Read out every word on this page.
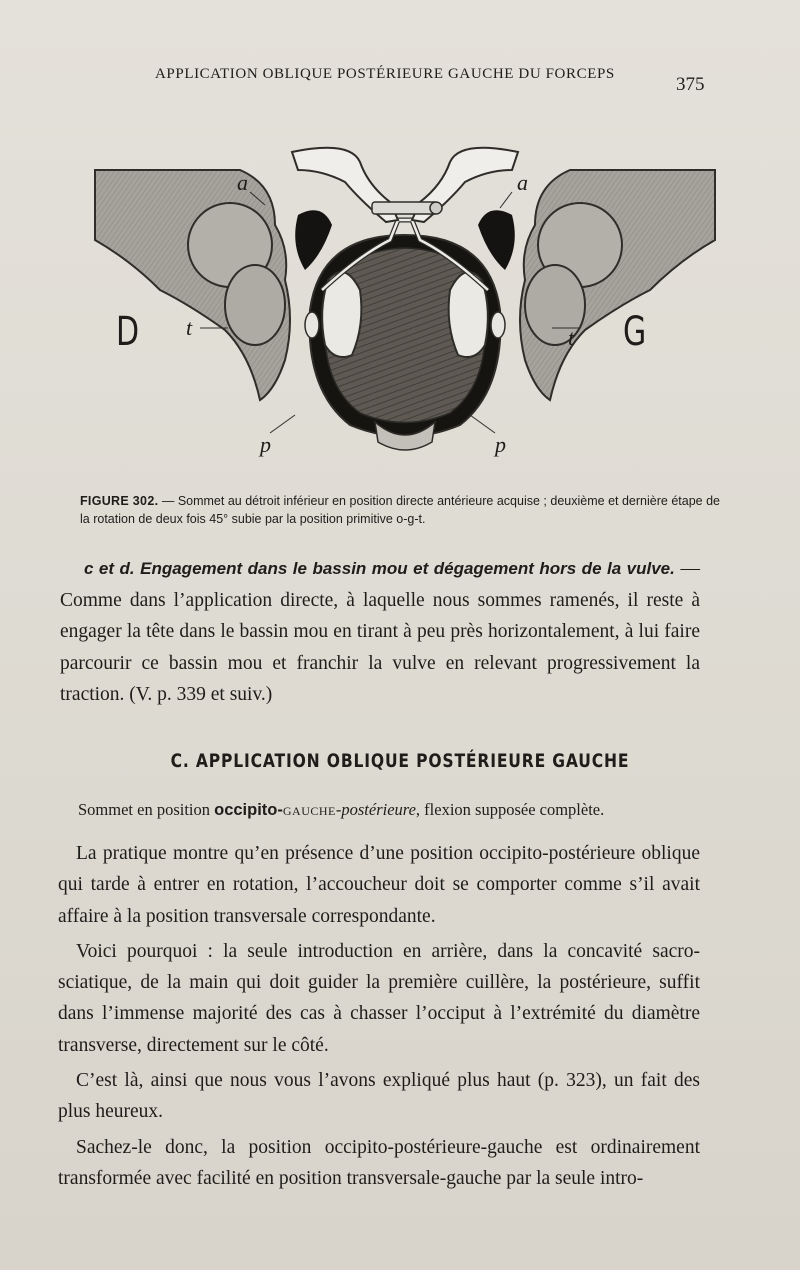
APPLICATION OBLIQUE POSTÉRIEURE GAUCHE DU FORCEPS	375
a	a
D	G
t	t
p	p
FIGURE 302. — Sommet au détroit inférieur en position directe antérieure acquise ; deuxième et dernière étape de la rotation de deux fois 45° subie par la position primitive o-g-t.

c et d. Engagement dans le bassin mou et dégagement hors de la vulve. — Comme dans l’application directe, à laquelle nous sommes ramenés, il reste à engager la tête dans le bassin mou en tirant à peu près horizontalement, à lui faire parcourir ce bassin mou et franchir la vulve en relevant progressivement la traction. (V. p. 339 et suiv.)

C. APPLICATION OBLIQUE POSTÉRIEURE GAUCHE
Sommet en position occipito-gauche-postérieure, flexion supposée complète.

La pratique montre qu’en présence d’une position occipito-postérieure oblique qui tarde à entrer en rotation, l’accoucheur doit se comporter comme s’il avait affaire à la position transversale correspondante.

Voici pourquoi : la seule introduction en arrière, dans la concavité sacro-sciatique, de la main qui doit guider la première cuillère, la postérieure, suffit dans l’immense majorité des cas à chasser l’occiput à l’extrémité du diamètre transverse, directement sur le côté.

C’est là, ainsi que nous vous l’avons expliqué plus haut (p. 323), un fait des plus heureux.

Sachez-le donc, la position occipito-postérieure-gauche est ordinairement transformée avec facilité en position transversale-gauche par la seule intro-
